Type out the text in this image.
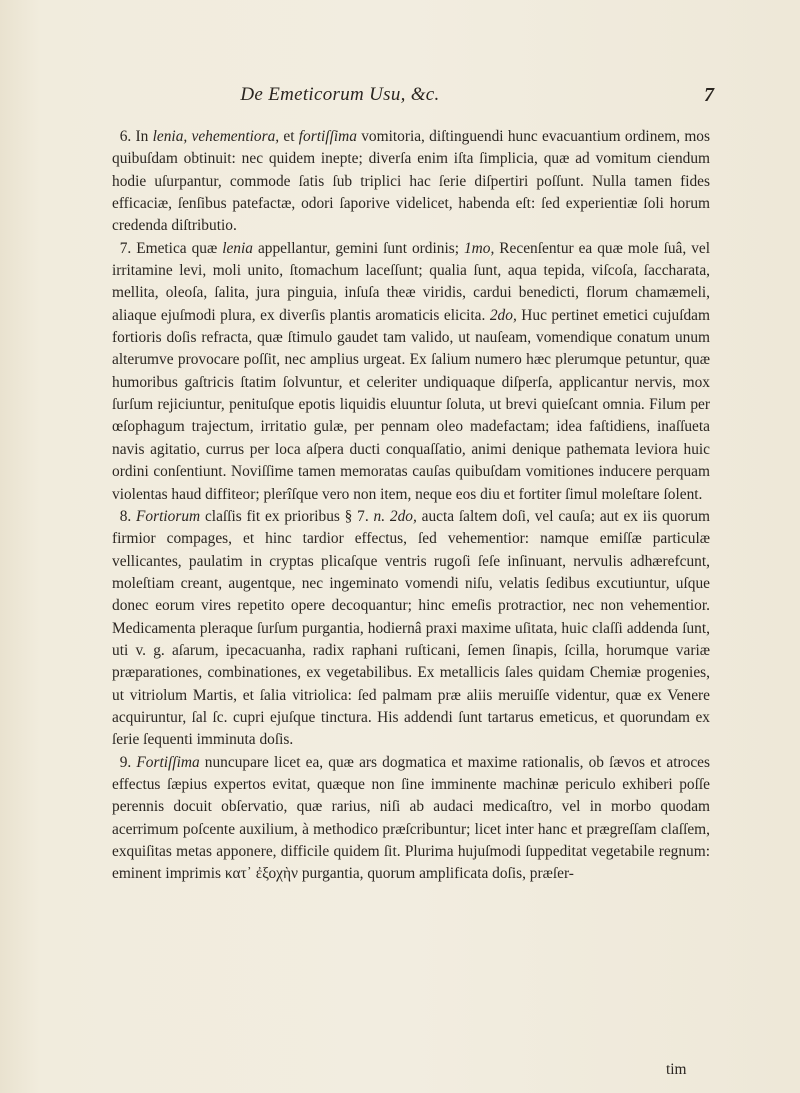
De Emeticorum Usu, &c.	7

6. In lenia, vehementiora, et fortiſſima vomitoria, diſtinguendi hunc evacuantium ordinem, mos quibuſdam obtinuit: nec quidem inepte; diverſa enim iſta ſimplicia, quæ ad vomitum ciendum hodie uſurpantur, commode ſatis ſub triplici hac ſerie diſpertiri poſſunt. Nulla tamen fides efficaciæ, ſenſibus patefactæ, odori ſaporive videlicet, habenda eſt: ſed experientiæ ſoli horum credenda diſtributio.

7. Emetica quæ lenia appellantur, gemini ſunt ordinis; 1mo, Recenſentur ea quæ mole ſuâ, vel irritamine levi, moli unito, ſtomachum laceſſunt; qualia ſunt, aqua tepida, viſcoſa, ſaccharata, mellita, oleoſa, ſalita, jura pinguia, inſuſa theæ viridis, cardui benedicti, florum chamæmeli, aliaque ejuſmodi plura, ex diverſis plantis aromaticis elicita. 2do, Huc pertinet emetici cujuſdam fortioris doſis refracta, quæ ſtimulo gaudet tam valido, ut nauſeam, vomendique conatum unum alterumve provocare poſſit, nec amplius urgeat. Ex ſalium numero hæc plerumque petuntur, quæ humoribus gaſtricis ſtatim ſolvuntur, et celeriter undiquaque diſperſa, applicantur nervis, mox ſurſum rejiciuntur, penituſque epotis liquidis eluuntur ſoluta, ut brevi quieſcant omnia. Filum per œſophagum trajectum, irritatio gulæ, per pennam oleo madefactam; idea faſtidiens, inaſſueta navis agitatio, currus per loca aſpera ducti conquaſſatio, animi denique pathemata leviora huic ordini conſentiunt. Noviſſime tamen memoratas cauſas quibuſdam vomitiones inducere perquam violentas haud diffiteor; plerîſque vero non item, neque eos diu et fortiter ſimul moleſtare ſolent.

8. Fortiorum claſſis fit ex prioribus § 7. n. 2do, aucta ſaltem doſi, vel cauſa; aut ex iis quorum firmior compages, et hinc tardior effectus, ſed vehementior: namque emiſſæ particulæ vellicantes, paulatim in cryptas plicaſque ventris rugoſi ſeſe inſinuant, nervulis adhærefcunt, moleſtiam creant, augentque, nec ingeminato vomendi niſu, velatis ſedibus excutiuntur, uſque donec eorum vires repetito opere decoquantur; hinc emeſis protractior, nec non vehementior. Medicamenta pleraque ſurſum purgantia, hodiernâ praxi maxime uſitata, huic claſſi addenda ſunt, uti v. g. aſarum, ipecacuanha, radix raphani ruſticani, ſemen ſinapis, ſcilla, horumque variæ præparationes, combinationes, ex vegetabilibus. Ex metallicis ſales quidam Chemiæ progenies, ut vitriolum Martis, et ſalia vitriolica: ſed palmam præ aliis meruiſſe videntur, quæ ex Venere acquiruntur, ſal ſc. cupri ejuſque tinctura. His addendi ſunt tartarus emeticus, et quorundam ex ſerie ſequenti imminuta doſis.

9. Fortiſſima nuncupare licet ea, quæ ars dogmatica et maxime rationalis, ob ſævos et atroces effectus ſæpius expertos evitat, quæque non ſine imminente machinæ periculo exhiberi poſſe perennis docuit obſervatio, quæ rarius, niſi ab audaci medicaſtro, vel in morbo quodam acerrimum poſcente auxilium, à methodico præſcribuntur; licet inter hanc et prægreſſam claſſem, exquiſitas metas apponere, difficile quidem ſit. Plurima hujuſmodi ſuppeditat vegetabile regnum: eminent imprimis κατ᾽ ἐξοχὴν purgantia, quorum amplificata doſis, præſer-

tim
